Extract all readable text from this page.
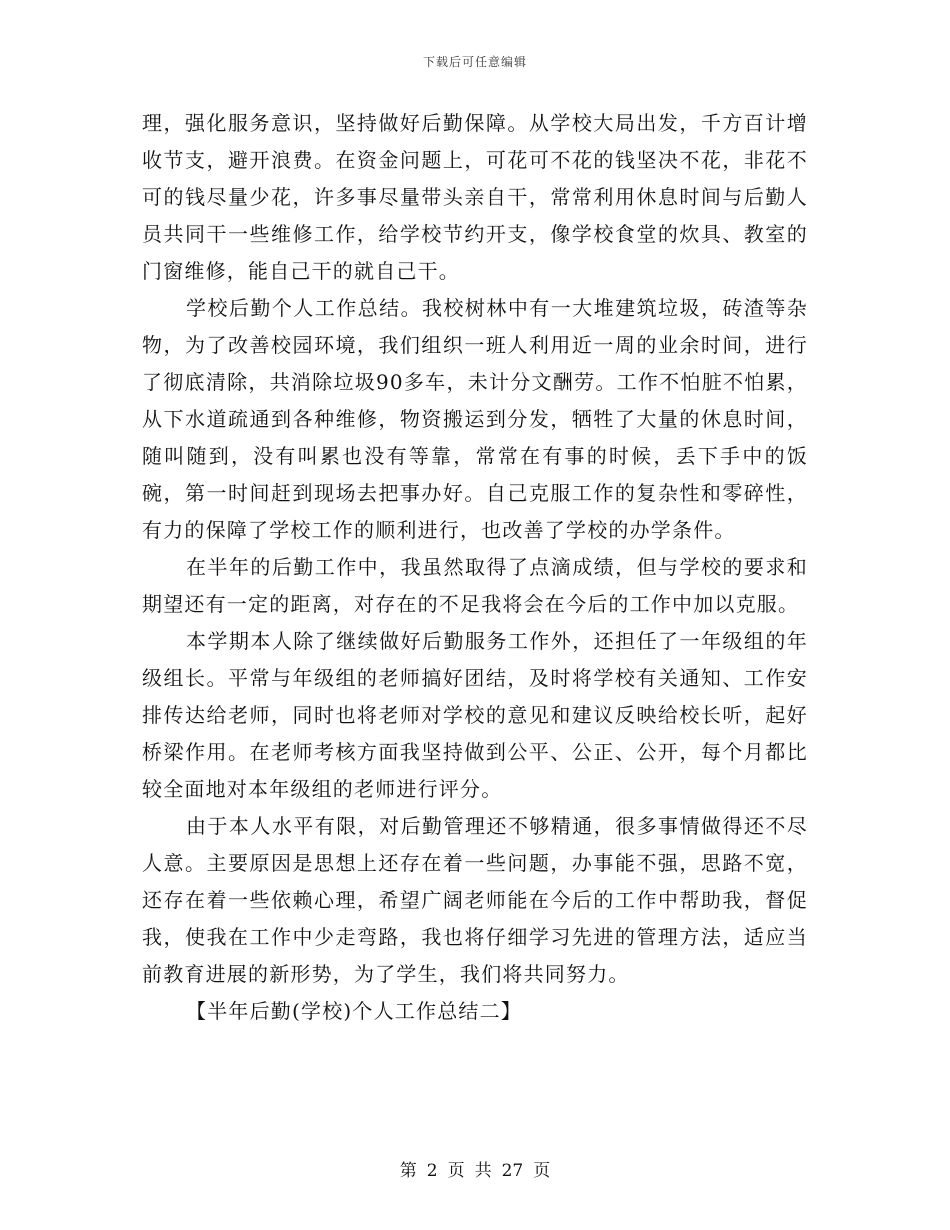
下载后可任意编辑

理，强化服务意识，坚持做好后勤保障。从学校大局出发，千方百计增收节支，避开浪费。在资金问题上，可花可不花的钱坚决不花，非花不可的钱尽量少花，许多事尽量带头亲自干，常常利用休息时间与后勤人员共同干一些维修工作，给学校节约开支，像学校食堂的炊具、教室的门窗维修，能自己干的就自己干。

学校后勤个人工作总结。我校树林中有一大堆建筑垃圾，砖渣等杂物，为了改善校园环境，我们组织一班人利用近一周的业余时间，进行了彻底清除，共消除垃圾90多车，未计分文酬劳。工作不怕脏不怕累，从下水道疏通到各种维修，物资搬运到分发，牺牲了大量的休息时间，随叫随到，没有叫累也没有等靠，常常在有事的时候，丢下手中的饭碗，第一时间赶到现场去把事办好。自己克服工作的复杂性和零碎性，有力的保障了学校工作的顺利进行，也改善了学校的办学条件。

在半年的后勤工作中，我虽然取得了点滴成绩，但与学校的要求和期望还有一定的距离，对存在的不足我将会在今后的工作中加以克服。

本学期本人除了继续做好后勤服务工作外，还担任了一年级组的年级组长。平常与年级组的老师搞好团结，及时将学校有关通知、工作安排传达给老师，同时也将老师对学校的意见和建议反映给校长听，起好桥梁作用。在老师考核方面我坚持做到公平、公正、公开，每个月都比较全面地对本年级组的老师进行评分。

由于本人水平有限，对后勤管理还不够精通，很多事情做得还不尽人意。主要原因是思想上还存在着一些问题，办事能不强，思路不宽，还存在着一些依赖心理，希望广阔老师能在今后的工作中帮助我，督促我，使我在工作中少走弯路，我也将仔细学习先进的管理方法，适应当前教育进展的新形势，为了学生，我们将共同努力。

【半年后勤(学校)个人工作总结二】

第 2 页 共 27 页
